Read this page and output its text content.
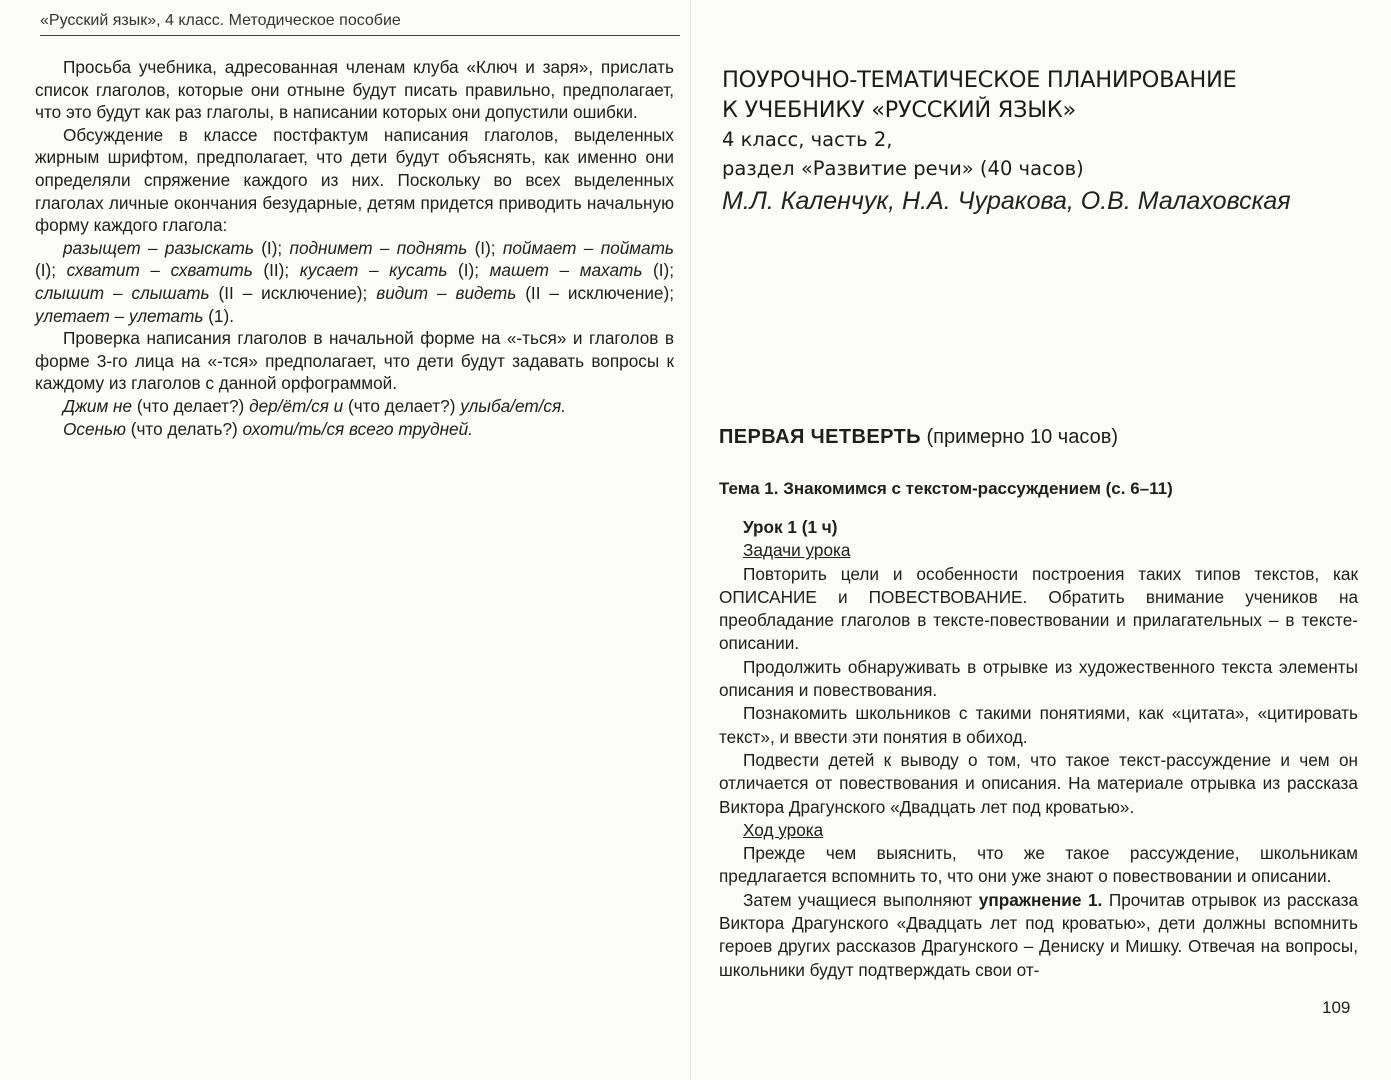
«Русский язык», 4 класс. Методическое пособие

Просьба учебника, адресованная членам клуба «Ключ и заря», прислать список глаголов, которые они отныне будут писать правильно, предполагает, что это будут как раз глаголы, в написании которых они допустили ошибки.

Обсуждение в классе постфактум написания глаголов, выделенных жирным шрифтом, предполагает, что дети будут объяснять, как именно они определяли спряжение каждого из них. Поскольку во всех выделенных глаголах личные окончания безударные, детям придется приводить начальную форму каждого глагола:

разыщет – разыскать (I); поднимет – поднять (I); поймает – поймать (I); схватит – схватить (II); кусает – кусать (I); машет – махать (I); слышит – слышать (II – исключение); видит – видеть (II – исключение); улетает – улетать (1).

Проверка написания глаголов в начальной форме на «-ться» и глаголов в форме 3-го лица на «-тся» предполагает, что дети будут задавать вопросы к каждому из глаголов с данной орфограммой.

Джим не (что делает?) дер/ёт/ся и (что делает?) улыба/ет/ся.

Осенью (что делать?) охоти/ть/ся всего трудней.

ПОУРОЧНО-ТЕМАТИЧЕСКОЕ ПЛАНИРОВАНИЕ
К УЧЕБНИКУ «РУССКИЙ ЯЗЫК»
4 класс, часть 2,
раздел «Развитие речи» (40 часов)
М.Л. Каленчук, Н.А. Чуракова, О.В. Малаховская
ПЕРВАЯ ЧЕТВЕРТЬ (примерно 10 часов)
Тема 1. Знакомимся с текстом-рассуждением (с. 6–11)
Урок 1 (1 ч)
Задачи урока

Повторить цели и особенности построения таких типов текстов, как ОПИСАНИЕ и ПОВЕСТВОВАНИЕ. Обратить внимание учеников на преобладание глаголов в тексте-повествовании и прилагательных – в тексте-описании.

Продолжить обнаруживать в отрывке из художественного текста элементы описания и повествования.

Познакомить школьников с такими понятиями, как «цитата», «цитировать текст», и ввести эти понятия в обиход.

Подвести детей к выводу о том, что такое текст-рассуждение и чем он отличается от повествования и описания. На материале отрывка из рассказа Виктора Драгунского «Двадцать лет под кроватью».

Ход урока

Прежде чем выяснить, что же такое рассуждение, школьникам предлагается вспомнить то, что они уже знают о повествовании и описании.

Затем учащиеся выполняют упражнение 1. Прочитав отрывок из рассказа Виктора Драгунского «Двадцать лет под кроватью», дети должны вспомнить героев других рассказов Драгунского – Дениску и Мишку. Отвечая на вопросы, школьники будут подтверждать свои от-

109
